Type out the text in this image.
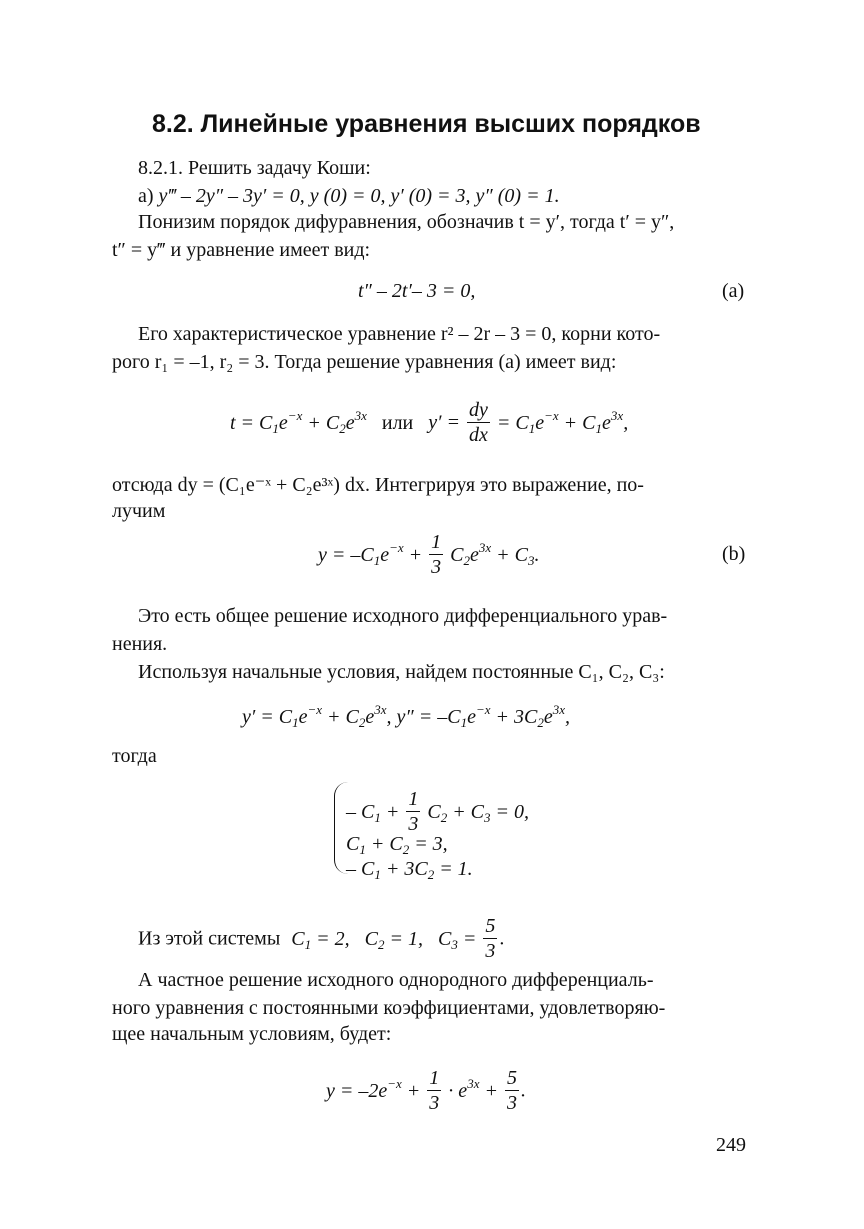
8.2. Линейные уравнения высших порядков
8.2.1. Решить задачу Коши:
а) y‴ – 2y″ – 3y′ = 0, y (0) = 0, y′ (0) = 3, y″ (0) = 1.
Понизим порядок дифуравнения, обозначив t = y′, тогда t′ = y″,
t″ = y‴ и уравнение имеет вид:
t″ – 2t′– 3 = 0,	(a)
Его характеристическое уравнение r² – 2r – 3 = 0, корни кото-
рого r₁ = –1, r₂ = 3. Тогда решение уравнения (а) имеет вид:
$t = C_1e^{-x} + C_2e^{3x}$ или $y' = \frac{dy}{dx} = C_1e^{-x} + C_1e^{3x}$,
отсюда dy = (C₁e⁻ˣ + C₂e³ˣ) dx. Интегрируя это выражение, по-
лучим
$y = -C_1e^{-x} + \frac{1}{3} C_2e^{3x} + C_3$.	(b)
Это есть общее решение исходного дифференциального урав-
нения.
Используя начальные условия, найдем постоянные C₁, C₂, C₃:
$y' = C_1e^{-x} + C_2e^{3x}$, $y'' = -C_1e^{-x} + 3C_2e^{3x}$,
тогда
– $C_1 + \frac{1}{3} C_2 + C_3 = 0$,
$C_1 + C_2 = 3$,
– $C_1 + 3C_2 = 1$.
Из этой системы $C_1 = 2$,   $C_2 = 1$,   $C_3 = \frac{5}{3}$ .
А частное решение исходного однородного дифференциаль-
ного уравнения с постоянными коэффициентами, удовлетворяю-
щее начальным условиям, будет:
$y = -2e^{-x} + \frac{1}{3} \cdot e^{3x} + \frac{5}{3}$ .
249
